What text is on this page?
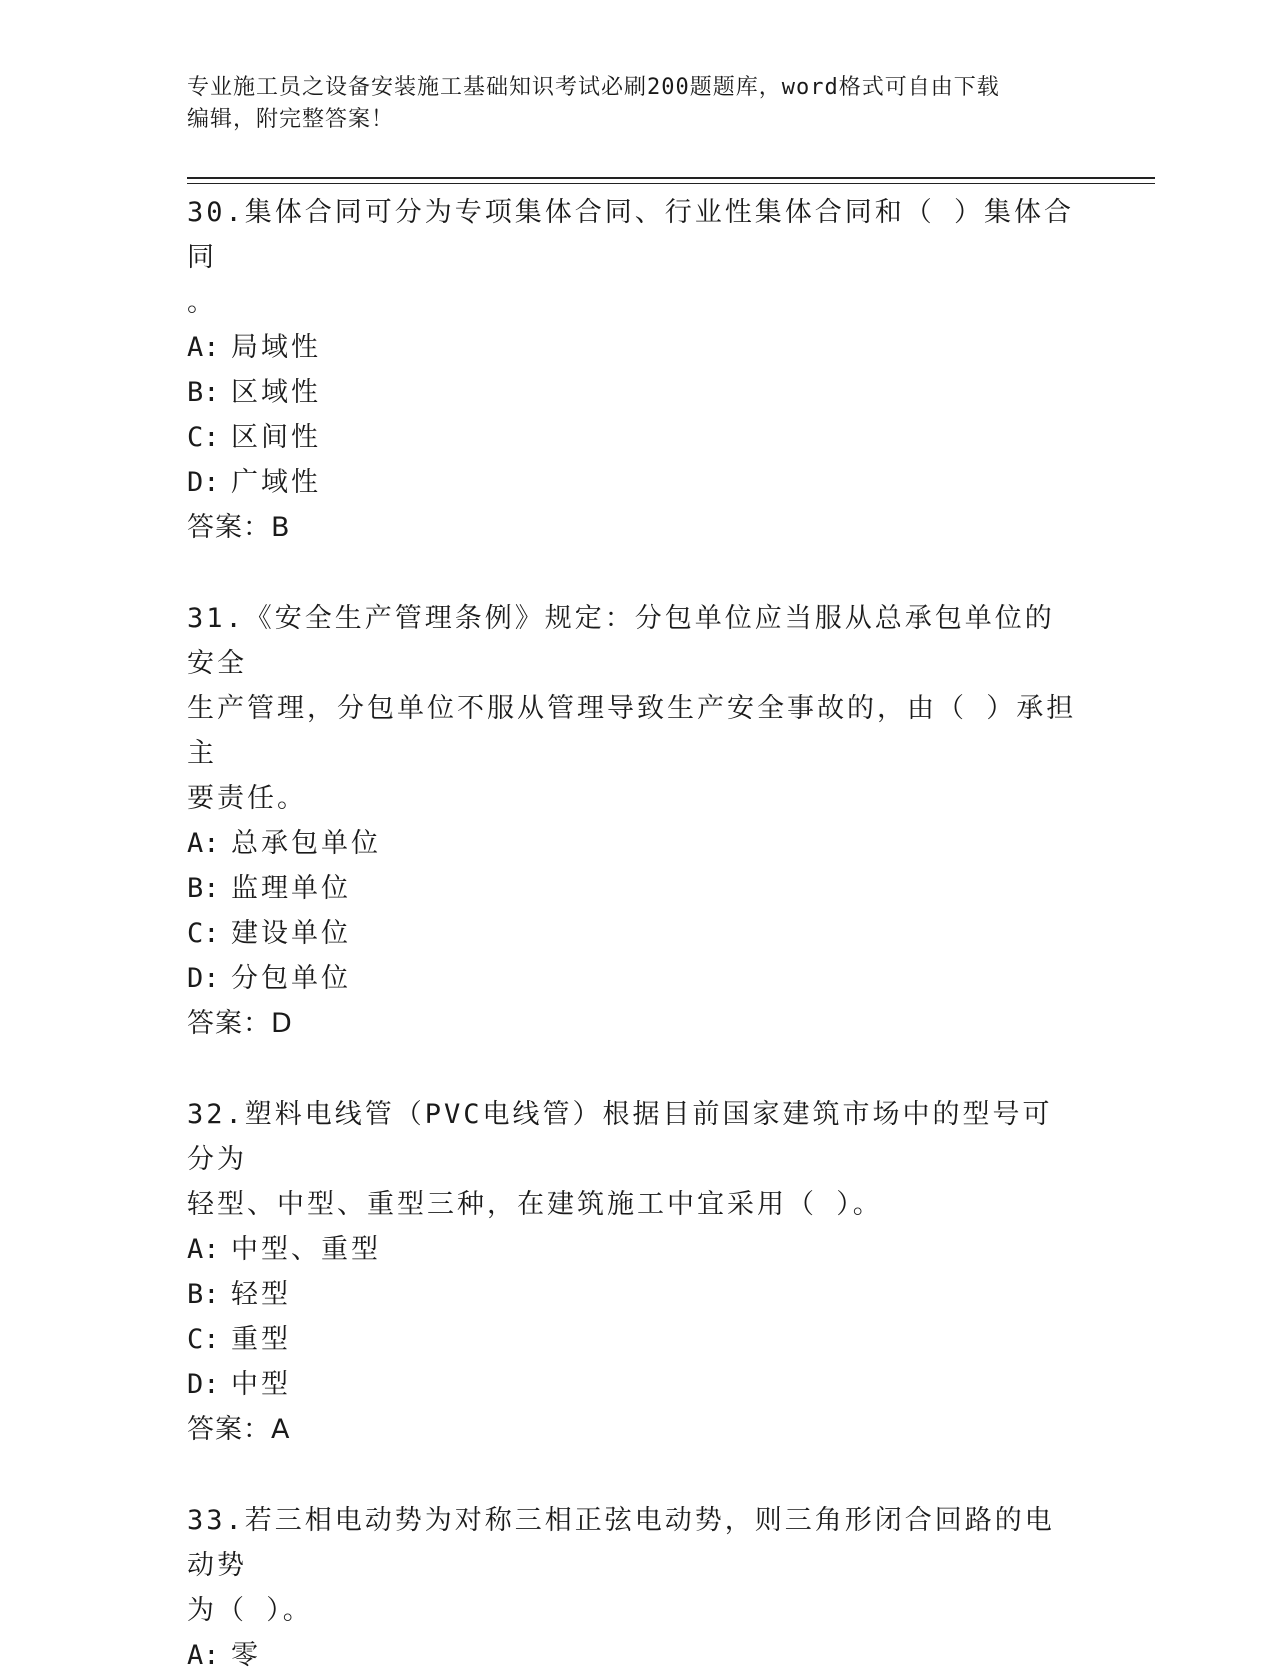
专业施工员之设备安装施工基础知识考试必刷200题题库，word格式可自由下载
编辑，附完整答案！
30.集体合同可分为专项集体合同、行业性集体合同和（ ）集体合同
。
A: 局域性
B: 区域性
C: 区间性
D: 广域性
答案：B
31.《安全生产管理条例》规定：分包单位应当服从总承包单位的安全
生产管理，分包单位不服从管理导致生产安全事故的，由（ ）承担主
要责任。
A: 总承包单位
B: 监理单位
C: 建设单位
D: 分包单位
答案：D
32.塑料电线管（PVC电线管）根据目前国家建筑市场中的型号可分为
轻型、中型、重型三种，在建筑施工中宜采用（ ）。
A: 中型、重型
B: 轻型
C: 重型
D: 中型
答案：A
33.若三相电动势为对称三相正弦电动势，则三角形闭合回路的电动势
为（ ）。
A: 零
